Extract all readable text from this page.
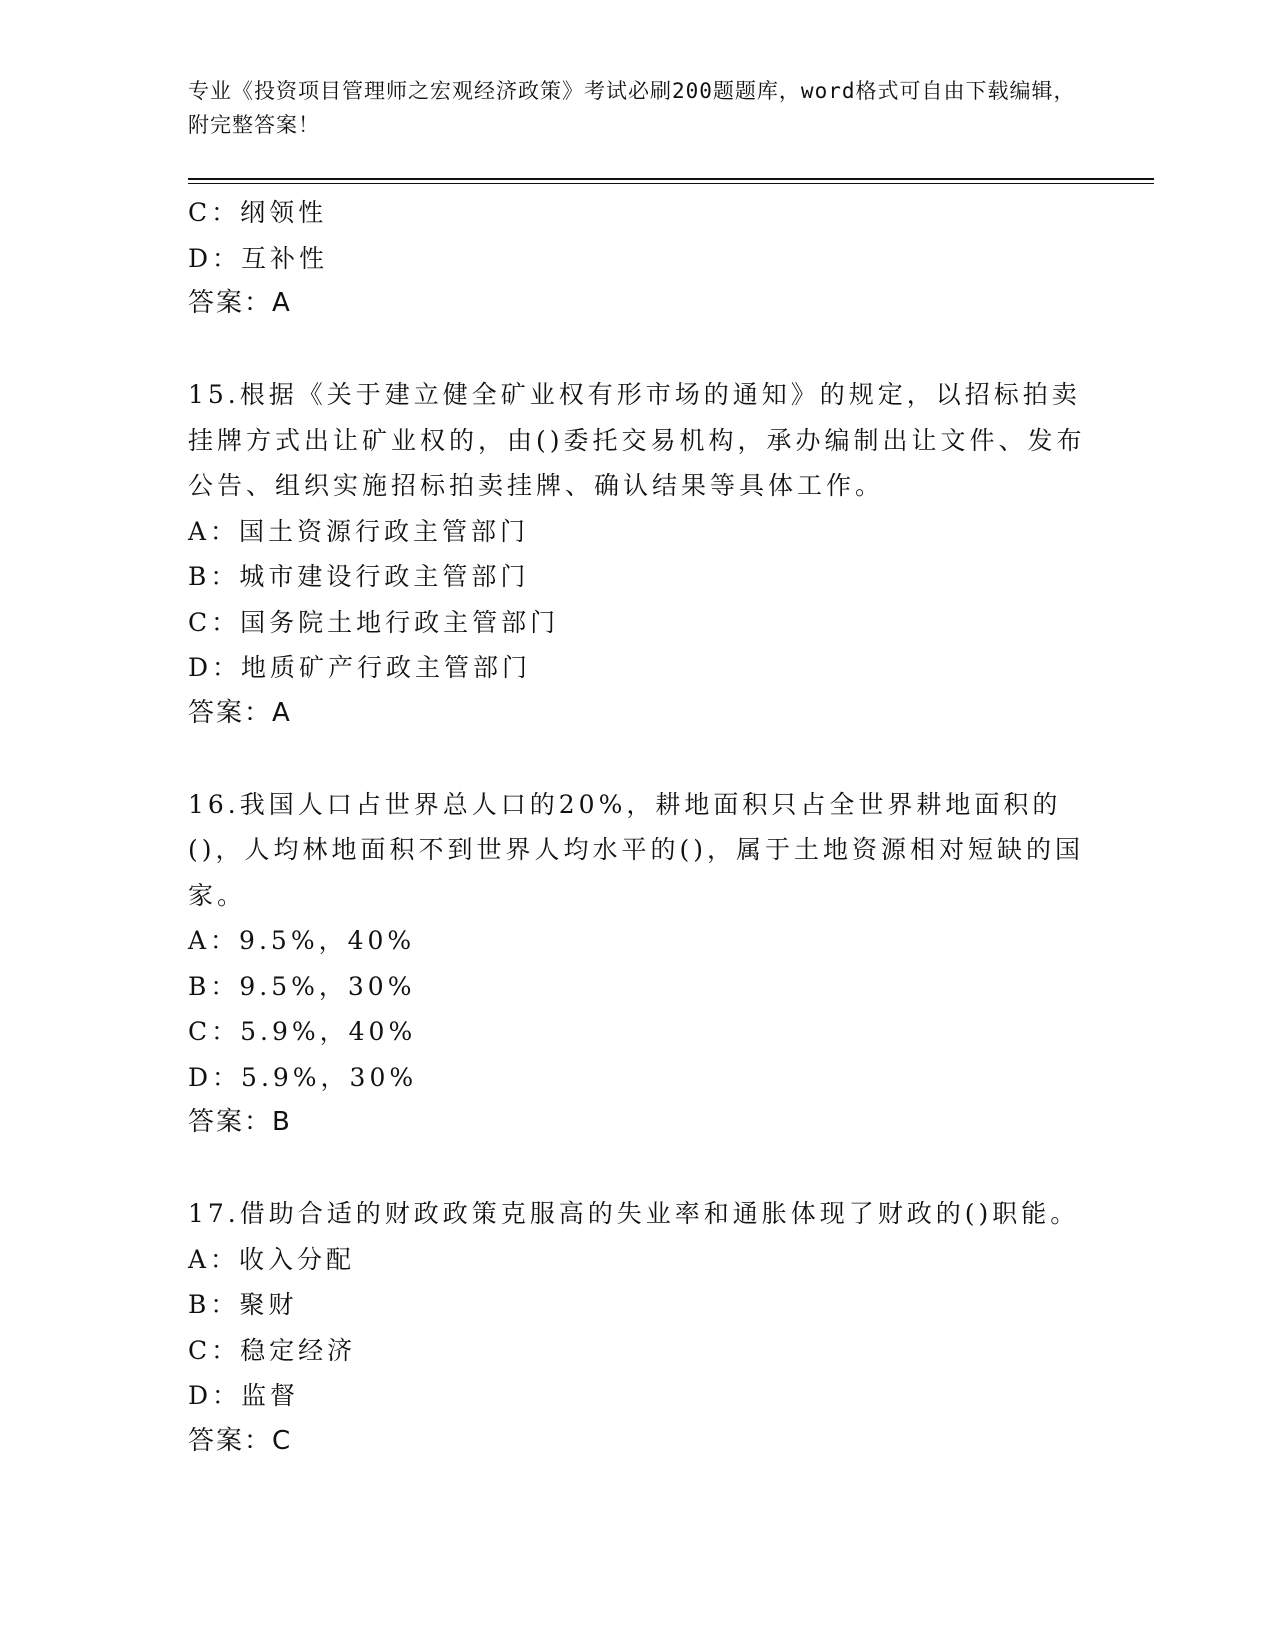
专业《投资项目管理师之宏观经济政策》考试必刷200题题库，word格式可自由下载编辑，附完整答案！
C：纲领性
D：互补性
答案：A
15.根据《关于建立健全矿业权有形市场的通知》的规定，以招标拍卖挂牌方式出让矿业权的，由()委托交易机构，承办编制出让文件、发布公告、组织实施招标拍卖挂牌、确认结果等具体工作。
A：国土资源行政主管部门
B：城市建设行政主管部门
C：国务院土地行政主管部门
D：地质矿产行政主管部门
答案：A
16.我国人口占世界总人口的20%，耕地面积只占全世界耕地面积的()，人均林地面积不到世界人均水平的()，属于土地资源相对短缺的国家。
A：9.5%，40%
B：9.5%，30%
C：5.9%，40%
D：5.9%，30%
答案：B
17.借助合适的财政政策克服高的失业率和通胀体现了财政的()职能。
A：收入分配
B：聚财
C：稳定经济
D：监督
答案：C
